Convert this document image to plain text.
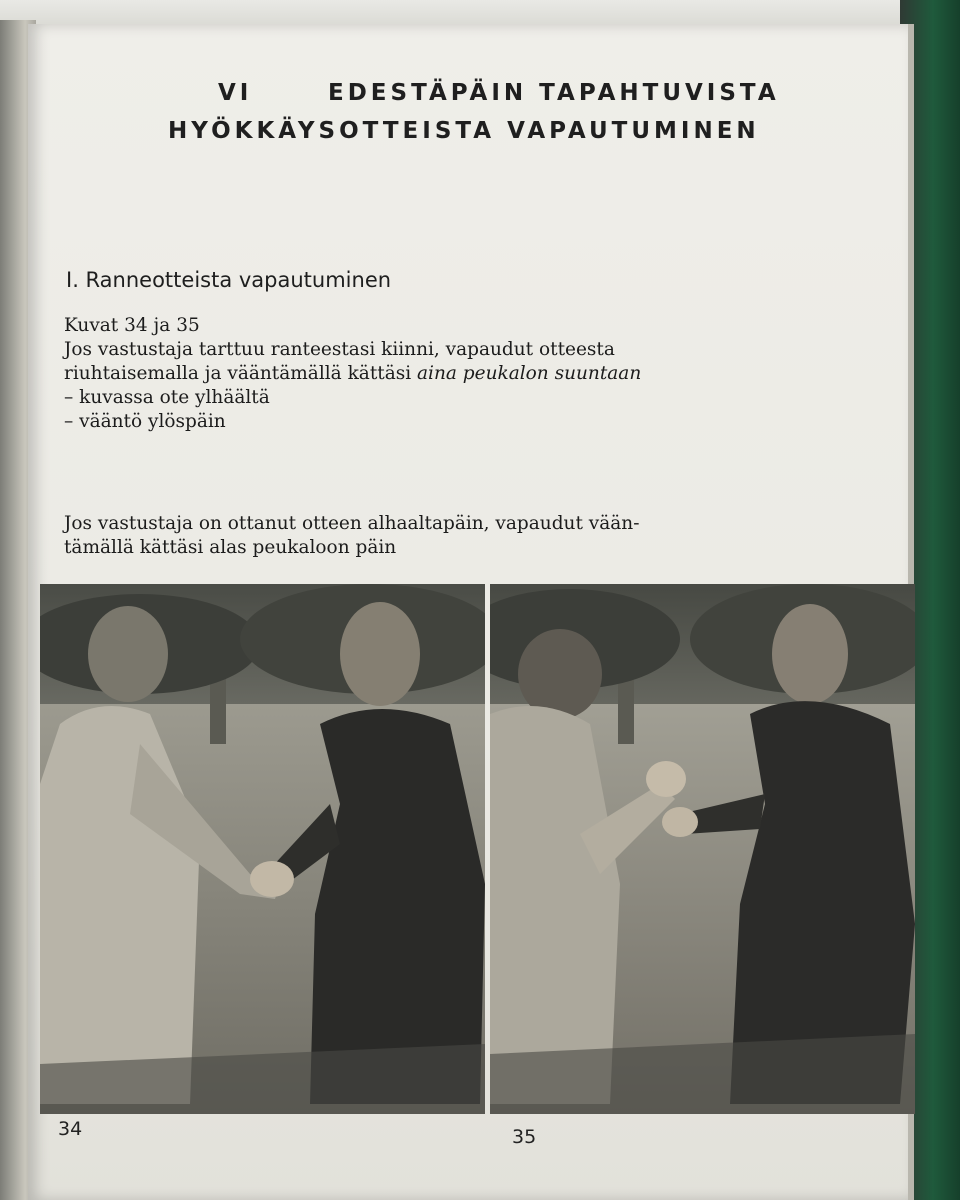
VI	EDESTÄPÄIN TAPAHTUVISTA
HYÖKKÄYSOTTEISTA VAPAUTUMINEN
I. Ranneotteista vapautuminen
Kuvat 34 ja 35
Jos vastustaja tarttuu ranteestasi kiinni, vapaudut otteesta
riuhtaisemalla ja vääntämällä kättäsi aina peukalon suuntaan
– kuvassa ote ylhäältä
– vääntö ylöspäin
Jos vastustaja on ottanut otteen alhaaltapäin, vapaudut vään-
tämällä kättäsi alas peukaloon päin
34	35
